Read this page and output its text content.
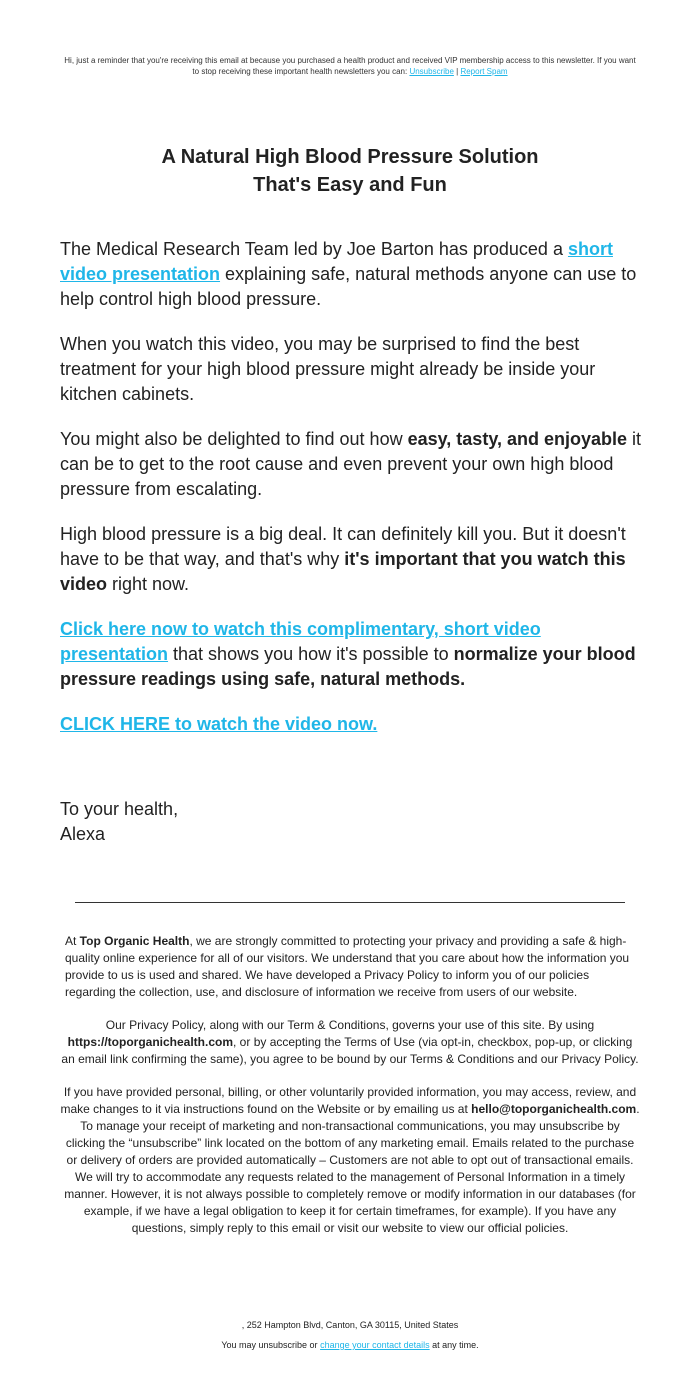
Hi, just a reminder that you're receiving this email at because you purchased a health product and received VIP membership access to this newsletter. If you want to stop receiving these important health newsletters you can: Unsubscribe | Report Spam
A Natural High Blood Pressure Solution
That's Easy and Fun

The Medical Research Team led by Joe Barton has produced a short video presentation explaining safe, natural methods anyone can use to help control high blood pressure.

When you watch this video, you may be surprised to find the best treatment for your high blood pressure might already be inside your kitchen cabinets.

You might also be delighted to find out how easy, tasty, and enjoyable it can be to get to the root cause and even prevent your own high blood pressure from escalating.

High blood pressure is a big deal. It can definitely kill you. But it doesn't have to be that way, and that's why it's important that you watch this video right now.

Click here now to watch this complimentary, short video presentation that shows you how it's possible to normalize your blood pressure readings using safe, natural methods.

CLICK HERE to watch the video now.

To your health,
Alexa

At Top Organic Health, we are strongly committed to protecting your privacy and providing a safe & high-quality online experience for all of our visitors. We understand that you care about how the information you provide to us is used and shared. We have developed a Privacy Policy to inform you of our policies regarding the collection, use, and disclosure of information we receive from users of our website.

Our Privacy Policy, along with our Term & Conditions, governs your use of this site. By using https://toporganichealth.com, or by accepting the Terms of Use (via opt-in, checkbox, pop-up, or clicking an email link confirming the same), you agree to be bound by our Terms & Conditions and our Privacy Policy.

If you have provided personal, billing, or other voluntarily provided information, you may access, review, and make changes to it via instructions found on the Website or by emailing us at hello@toporganichealth.com. To manage your receipt of marketing and non-transactional communications, you may unsubscribe by clicking the “unsubscribe” link located on the bottom of any marketing email. Emails related to the purchase or delivery of orders are provided automatically – Customers are not able to opt out of transactional emails. We will try to accommodate any requests related to the management of Personal Information in a timely manner. However, it is not always possible to completely remove or modify information in our databases (for example, if we have a legal obligation to keep it for certain timeframes, for example). If you have any questions, simply reply to this email or visit our website to view our official policies.

, 252 Hampton Blvd, Canton, GA 30115, United States
You may unsubscribe or change your contact details at any time.
